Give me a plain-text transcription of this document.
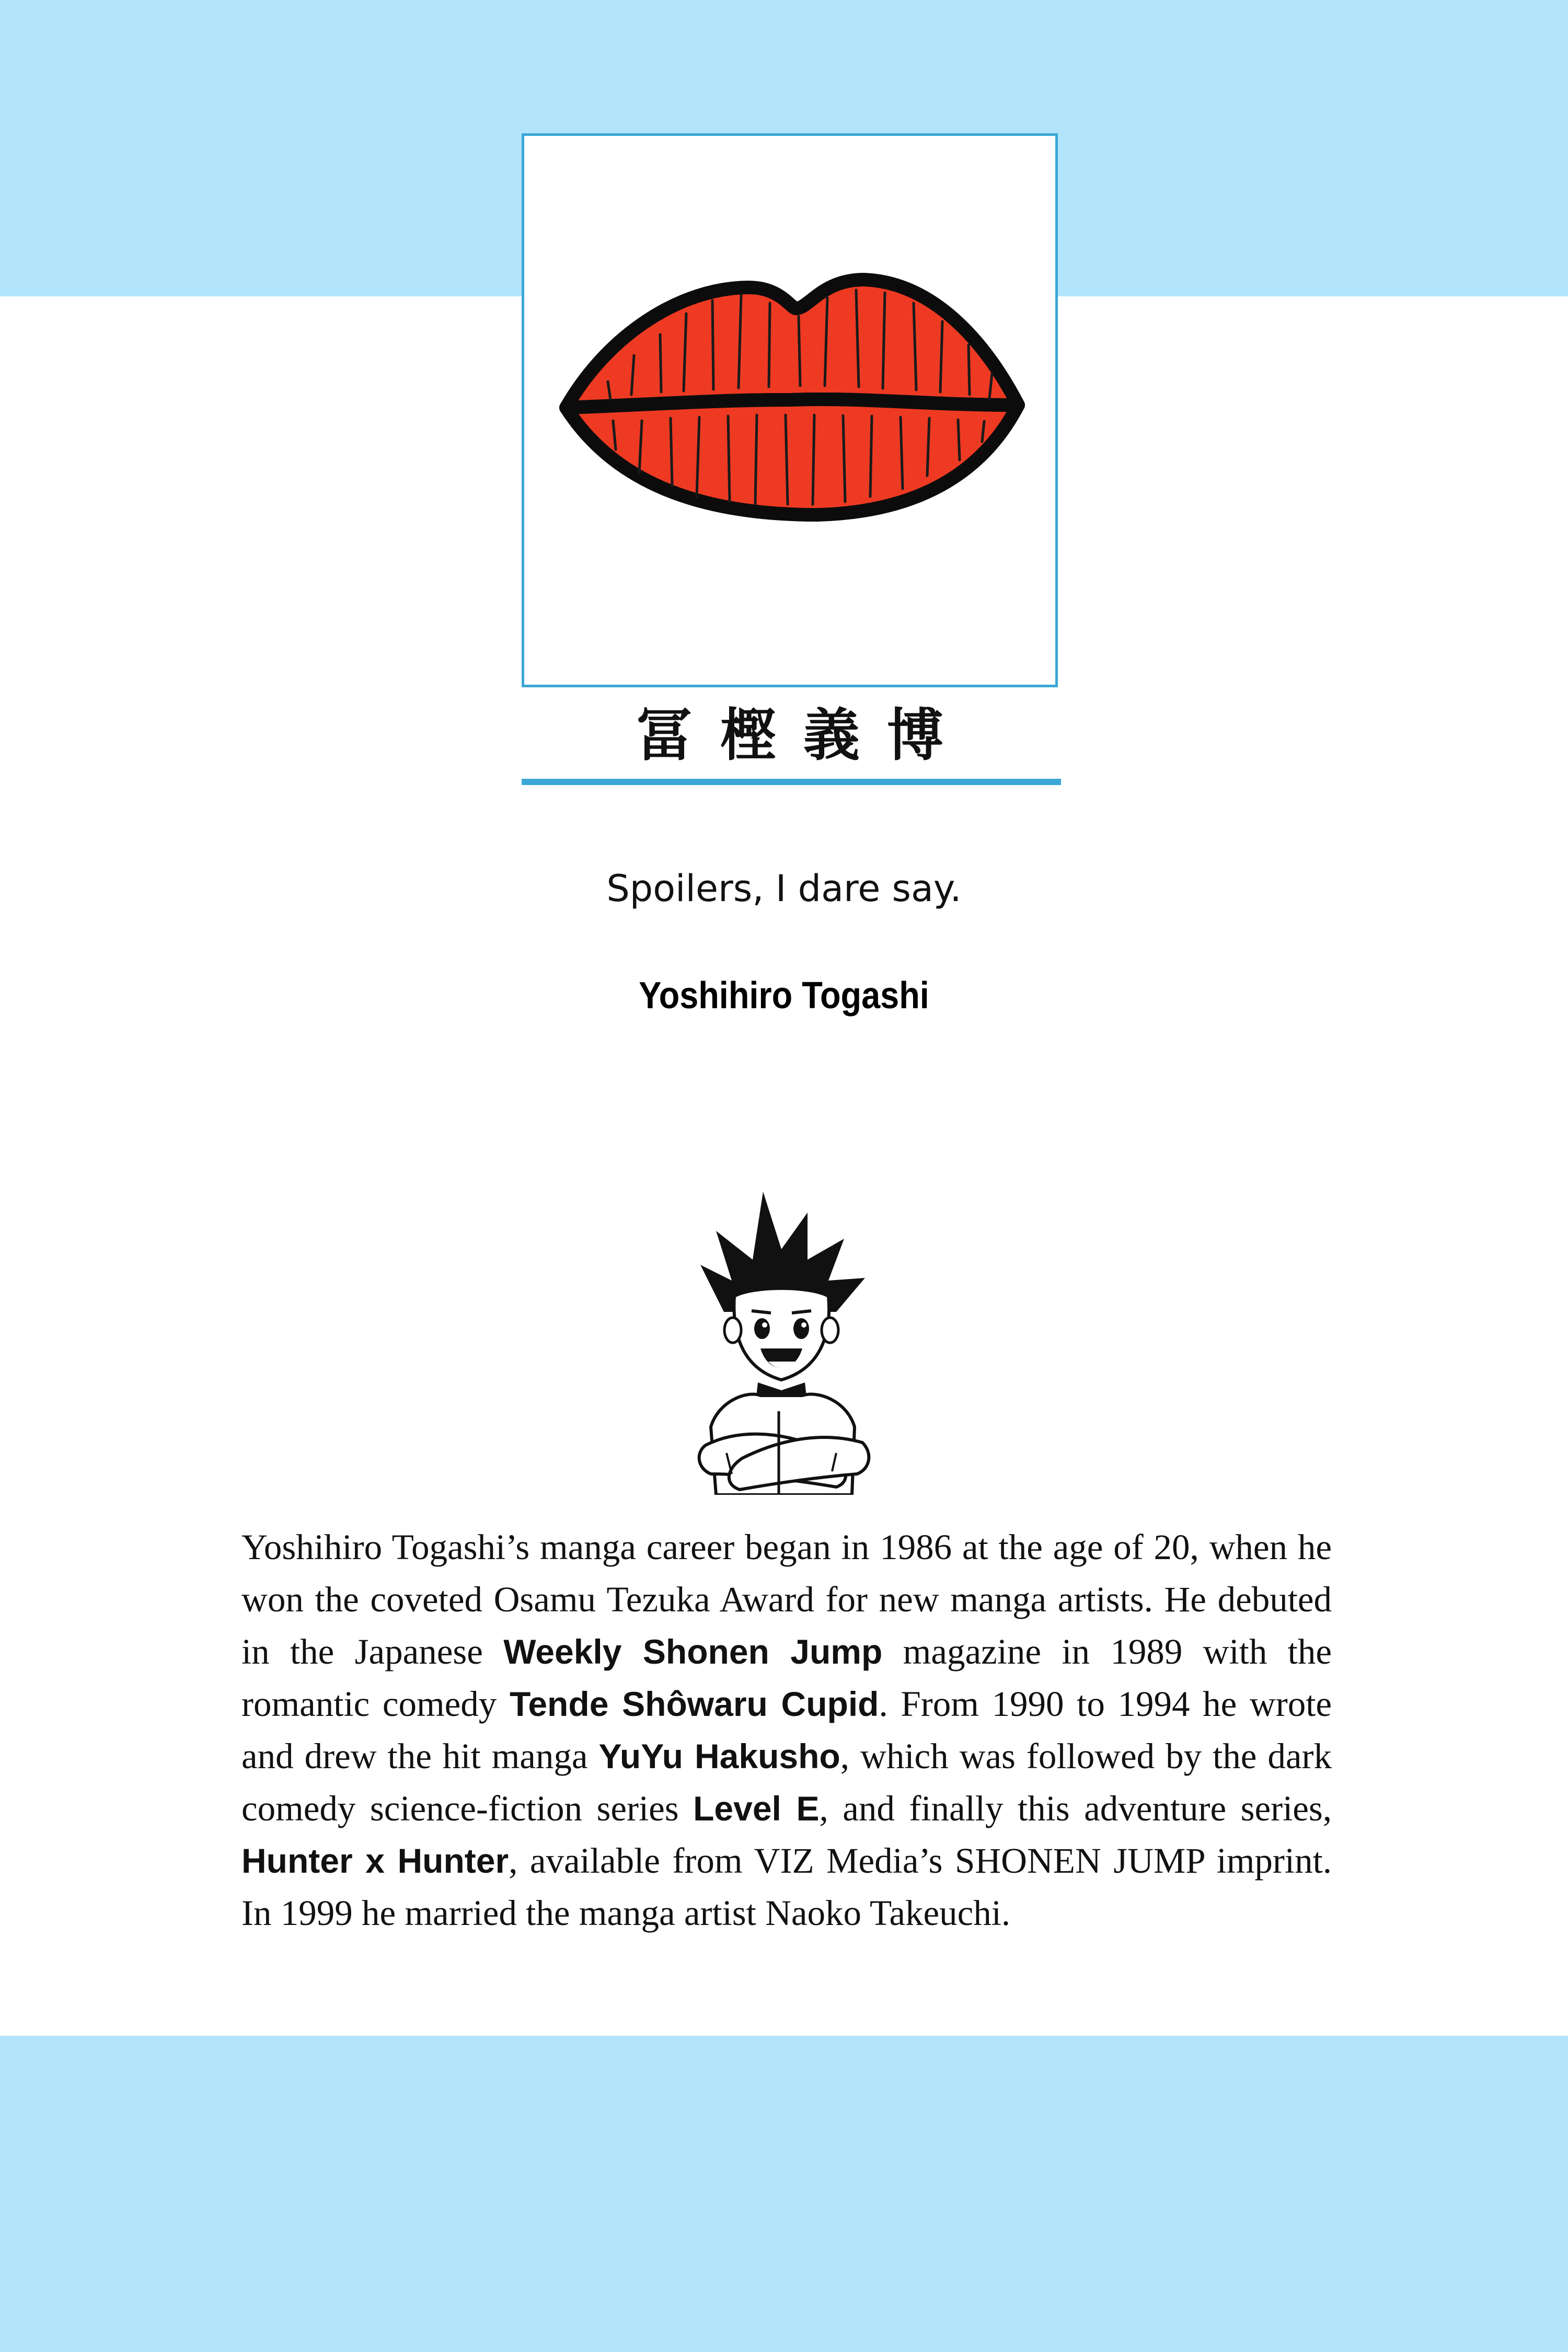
冨樫義博
Spoilers, I dare say.
Yoshihiro Togashi
Yoshihiro Togashi’s manga career began in 1986 at the age of 20, when he won the coveted Osamu Tezuka Award for new manga artists. He debuted in the Japanese Weekly Shonen Jump magazine in 1989 with the romantic comedy Tende Shôwaru Cupid. From 1990 to 1994 he wrote and drew the hit manga YuYu Hakusho, which was followed by the dark comedy science-fiction series Level E, and finally this adventure series, Hunter x Hunter, available from VIZ Media’s SHONEN JUMP imprint. In 1999 he married the manga artist Naoko Takeuchi.
